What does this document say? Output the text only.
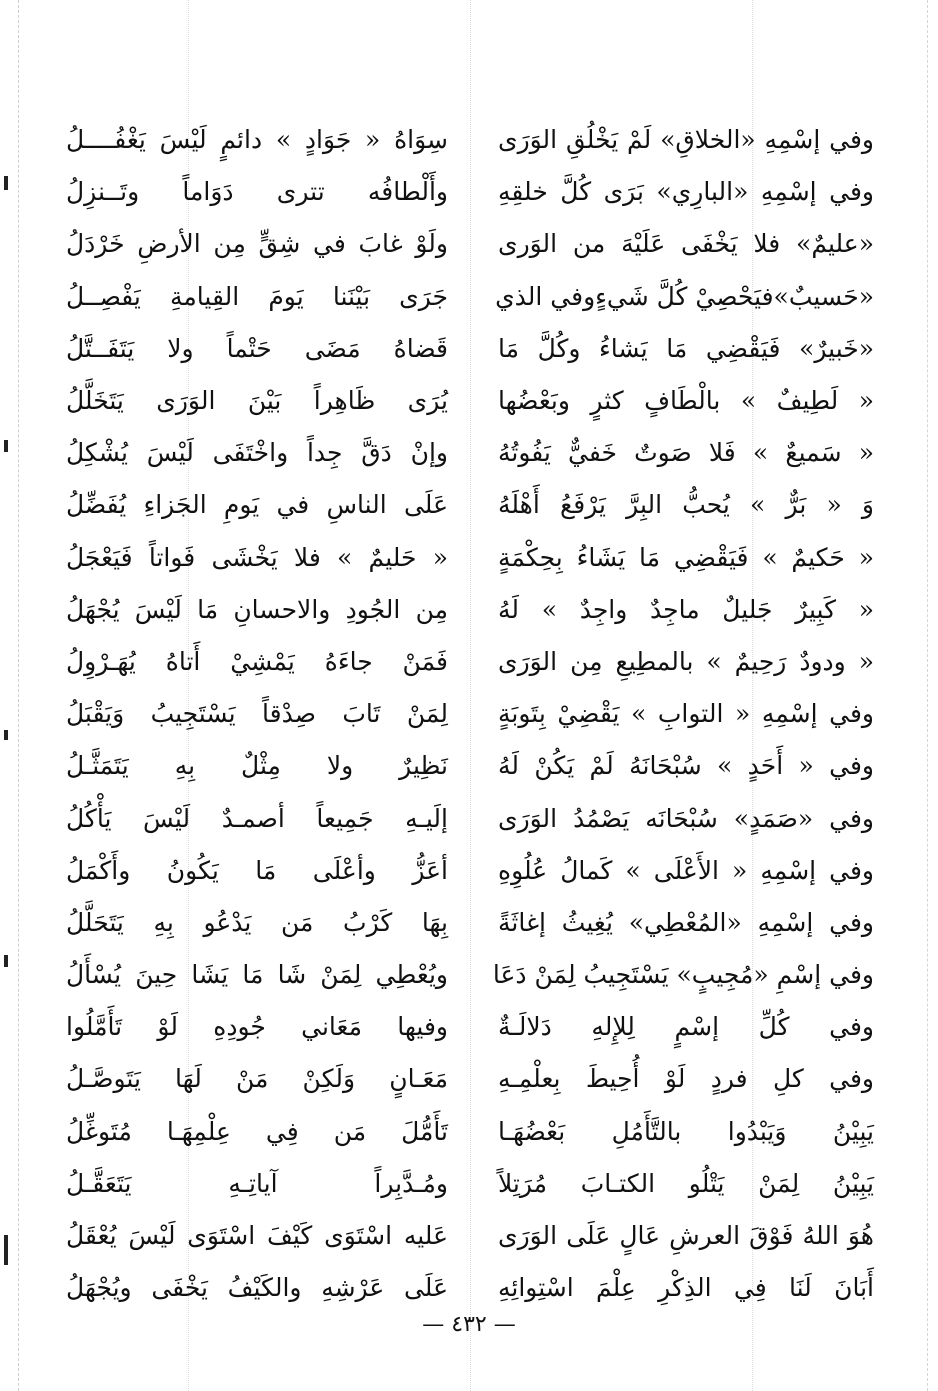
وفي إسْمِهِ «الخلاقِ» لَمْ يَخْلُقِ الوَرَى
سِوَاهُ « جَوَادٍ » دائمٍ لَيْسَ يَغْفُــــلُ
وفي إسْمِهِ «البارِي» بَرَى كُلَّ خلقِهِ
وأَلْطافُه تترى دَوَاماً وتَــنزِلُ
«عليمٌ» فلا يَخْفَى عَلَيْهَ من الوَرى
ولَوْ غابَ في شِقٍّ مِن الأرضِ خَرْدَلُ
«حَسيبٌ»فيَحْصِيْ كُلَّ شَيءٍوفي الذي
جَرَى بَيْنَنا يَومَ القِيامةِ يَفْصِــلُ
«خَبيرٌ» فَيَقْضِي مَا يَشاءُ وكُلَّ مَا
قَضاهُ مَضَى حَتْماً ولا يَتَفَــتَّلُ
« لَطِيفٌ » بالْطَافٍ كثرٍ وبَعْضُها
يُرَى ظَاهِراً بَيْنَ الوَرَى يَتَخَلَّلُ
« سَميعٌ » فَلا صَوتٌ خَفيٌّ يَفُوتُهُ
وإنْ دَقَّ جِداً واخْتَفَى لَيْسَ يُشْكِلُ
وَ « بَرٌّ » يُحبُّ البِرَّ يَرْفَعُ أَهْلَهُ
عَلَى الناسِ في يَومِ الجَزاءِ يُفَضِّلُ
« حَكيمٌ » فَيَقْضِي مَا يَشَاءُ بِحِكْمَةٍ
« حَليمٌ » فلا يَخْشَى فَواتاً فَيَعْجَلُ
« كَبِيرٌ جَليلٌ ماجِدٌ واجِدٌ » لَهُ
مِن الجُودِ والاحسانِ مَا لَيْسَ يُجْهَلُ
« ودودٌ رَحِيمٌ » بالمطِيعِ مِن الوَرَى
فَمَنْ جاءَهُ يَمْشِيْ أَتاهُ يُهَـرْوِلُ
وفي إسْمِهِ « التوابِ » يَقْضِيْ بِتَوبَةٍ
لِمَنْ تَابَ صِدْقاً يَسْتَجِيبُ وَيَقْبَلُ
وفي « أَحَدٍ » سُبْحَانَهُ لَمْ يَكُنْ لَهُ
نَظِيرٌ ولا مِثْلٌ بِهِ يَتَمَثَّـلُ
وفي «صَمَدٍ» سُبْحَانَه يَصْمُدُ الوَرَى
إلَيـهِ جَمِيعاً أصمـدٌ لَيْسَ يَأْكُلُ
وفي إسْمِهِ « الأَعْلَى » كَمالُ عُلُوِهِ
أعَزُّ وأعْلَى مَا يَكُونُ وأَكْمَلُ
وفي إسْمِهِ «المُعْطِي» يُغِيثُ إغاثَةً
بِهَا كَرْبُ مَن يَدْعُو بِهِ يَتَحَلَّلُ
وفي إسْمِ «مُجِيبٍ» يَسْتَجِيبُ لِمَنْ دَعَا
ويُعْطِي لِمَنْ شَا مَا يَشَا حِينَ يُسْأَلُ
وفي كُلِّ إسْمٍ لِلإِلهِ دَلالَـةٌ
وفيها مَعَاني جُودِهِ لَوْ تَأَمَّلُوا
وفي كلِ فردٍ لَوْ أُحِيطَ بِعلْمِـهِ
مَعَـانٍ وَلَكِنْ مَنْ لَهَا يَتَوصَّـلُ
يَبِيْنُ وَيَبْدُوا بالتَّأَمُلِ بَعْضُهَـا
تَأَمُّلَ مَن فِي عِلْمِهَـا مُتَوغِّلُ
يَبِيْنُ لِمَنْ يَتْلُو الكتـابَ مُرَتِلاً
ومُـدَّبِراً آياتِـهِ يَتَعَقَّـلُ
هُوَ اللهُ فَوْقَ العرشِ عَالٍ عَلَى الوَرَى
عَليه اسْتَوَى كَيْفَ اسْتَوَى لَيْسَ يُعْقَلُ
أَبَانَ لَنَا فِي الذِكْرِ عِلْمَ اسْتِوائِهِ
عَلَى عَرْشِهِ والكَيْفُ يَخْفَى ويُجْهَلُ
— ٤٣٢ —
